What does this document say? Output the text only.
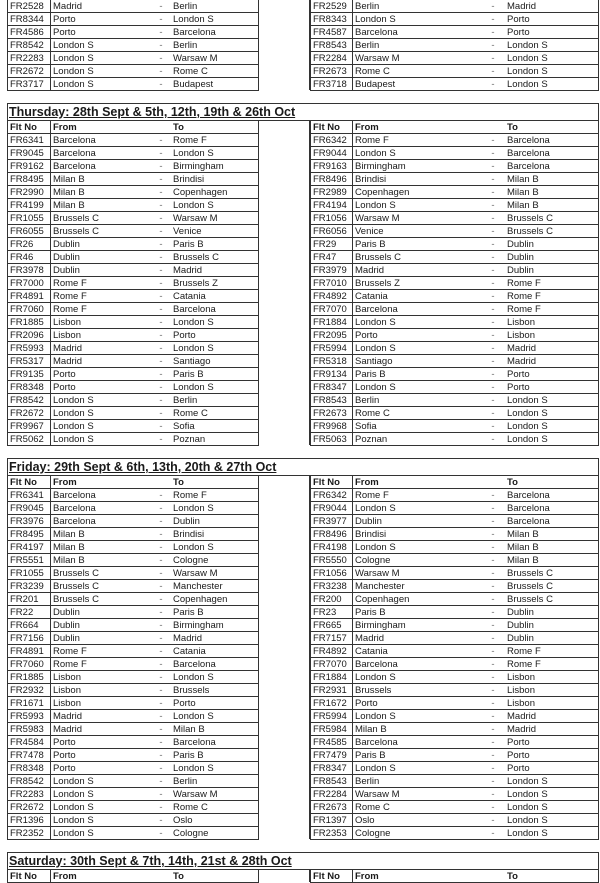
FR2528 Madrid	-	Berlin	FR2529 Berlin	-	Madrid
FR8344 Porto	-	London S	FR8343 London S	-	Porto
FR4586 Porto	-	Barcelona	FR4587 Barcelona	-	Porto
FR8542 London S	-	Berlin	FR8543 Berlin	-	London S
FR2283 London S	-	Warsaw M	FR2284 Warsaw M	-	London S
FR2672 London S	-	Rome C	FR2673 Rome C	-	London S
FR3717 London S	-	Budapest	FR3718 Budapest	-	London S
Thursday: 28th Sept & 5th, 12th, 19th & 26th Oct
Flt No	From	To	Flt No	From	To
FR6341 Barcelona	-	Rome F	FR6342 Rome F	-	Barcelona
FR9045 Barcelona	-	London S	FR9044 London S	-	Barcelona
FR9162 Barcelona	-	Birmingham	FR9163 Birmingham	-	Barcelona
FR8495 Milan B	-	Brindisi	FR8496 Brindisi	-	Milan B
FR2990 Milan B	-	Copenhagen	FR2989 Copenhagen	-	Milan B
FR4199 Milan B	-	London S	FR4194 London S	-	Milan B
FR1055 Brussels C	-	Warsaw M	FR1056 Warsaw M	-	Brussels C
FR6055 Brussels C	-	Venice	FR6056 Venice	-	Brussels C
FR26	Dublin	-	Paris B	FR29	Paris B	-	Dublin
FR46	Dublin	-	Brussels C	FR47	Brussels C	-	Dublin
FR3978 Dublin	-	Madrid	FR3979 Madrid	-	Dublin
FR7000 Rome F	-	Brussels Z	FR7010 Brussels Z	-	Rome F
FR4891 Rome F	-	Catania	FR4892 Catania	-	Rome F
FR7060 Rome F	-	Barcelona	FR7070 Barcelona	-	Rome F
FR1885 Lisbon	-	London S	FR1884 London S	-	Lisbon
FR2096 Lisbon	-	Porto	FR2095 Porto	-	Lisbon
FR5993 Madrid	-	London S	FR5994 London S	-	Madrid
FR5317 Madrid	-	Santiago	FR5318 Santiago	-	Madrid
FR9135 Porto	-	Paris B	FR9134 Paris B	-	Porto
FR8348 Porto	-	London S	FR8347 London S	-	Porto
FR8542 London S	-	Berlin	FR8543 Berlin	-	London S
FR2672 London S	-	Rome C	FR2673 Rome C	-	London S
FR9967 London S	-	Sofia	FR9968 Sofia	-	London S
FR5062 London S	-	Poznan	FR5063 Poznan	-	London S
Friday: 29th Sept & 6th, 13th, 20th & 27th Oct
Flt No	From	To	Flt No	From	To
FR6341 Barcelona	-	Rome F	FR6342 Rome F	-	Barcelona
FR9045 Barcelona	-	London S	FR9044 London S	-	Barcelona
FR3976 Barcelona	-	Dublin	FR3977 Dublin	-	Barcelona
FR8495 Milan B	-	Brindisi	FR8496 Brindisi	-	Milan B
FR4197 Milan B	-	London S	FR4198 London S	-	Milan B
FR5551 Milan B	-	Cologne	FR5550 Cologne	-	Milan B
FR1055 Brussels C	-	Warsaw M	FR1056 Warsaw M	-	Brussels C
FR3239 Brussels C	-	Manchester	FR3238 Manchester	-	Brussels C
FR201	Brussels C	-	Copenhagen	FR200	Copenhagen	-	Brussels C
FR22	Dublin	-	Paris B	FR23	Paris B	-	Dublin
FR664	Dublin	-	Birmingham	FR665	Birmingham	-	Dublin
FR7156 Dublin	-	Madrid	FR7157 Madrid	-	Dublin
FR4891 Rome F	-	Catania	FR4892 Catania	-	Rome F
FR7060 Rome F	-	Barcelona	FR7070 Barcelona	-	Rome F
FR1885 Lisbon	-	London S	FR1884 London S	-	Lisbon
FR2932 Lisbon	-	Brussels	FR2931 Brussels	-	Lisbon
FR1671 Lisbon	-	Porto	FR1672 Porto	-	Lisbon
FR5993 Madrid	-	London S	FR5994 London S	-	Madrid
FR5983 Madrid	-	Milan B	FR5984 Milan B	-	Madrid
FR4584 Porto	-	Barcelona	FR4585 Barcelona	-	Porto
FR7478 Porto	-	Paris B	FR7479 Paris B	-	Porto
FR8348 Porto	-	London S	FR8347 London S	-	Porto
FR8542 London S	-	Berlin	FR8543 Berlin	-	London S
FR2283 London S	-	Warsaw M	FR2284 Warsaw M	-	London S
FR2672 London S	-	Rome C	FR2673 Rome C	-	London S
FR1396 London S	-	Oslo	FR1397 Oslo	-	London S
FR2352 London S	-	Cologne	FR2353 Cologne	-	London S
Saturday: 30th Sept & 7th, 14th, 21st & 28th Oct
Flt No	From	To	Flt No	From	To
